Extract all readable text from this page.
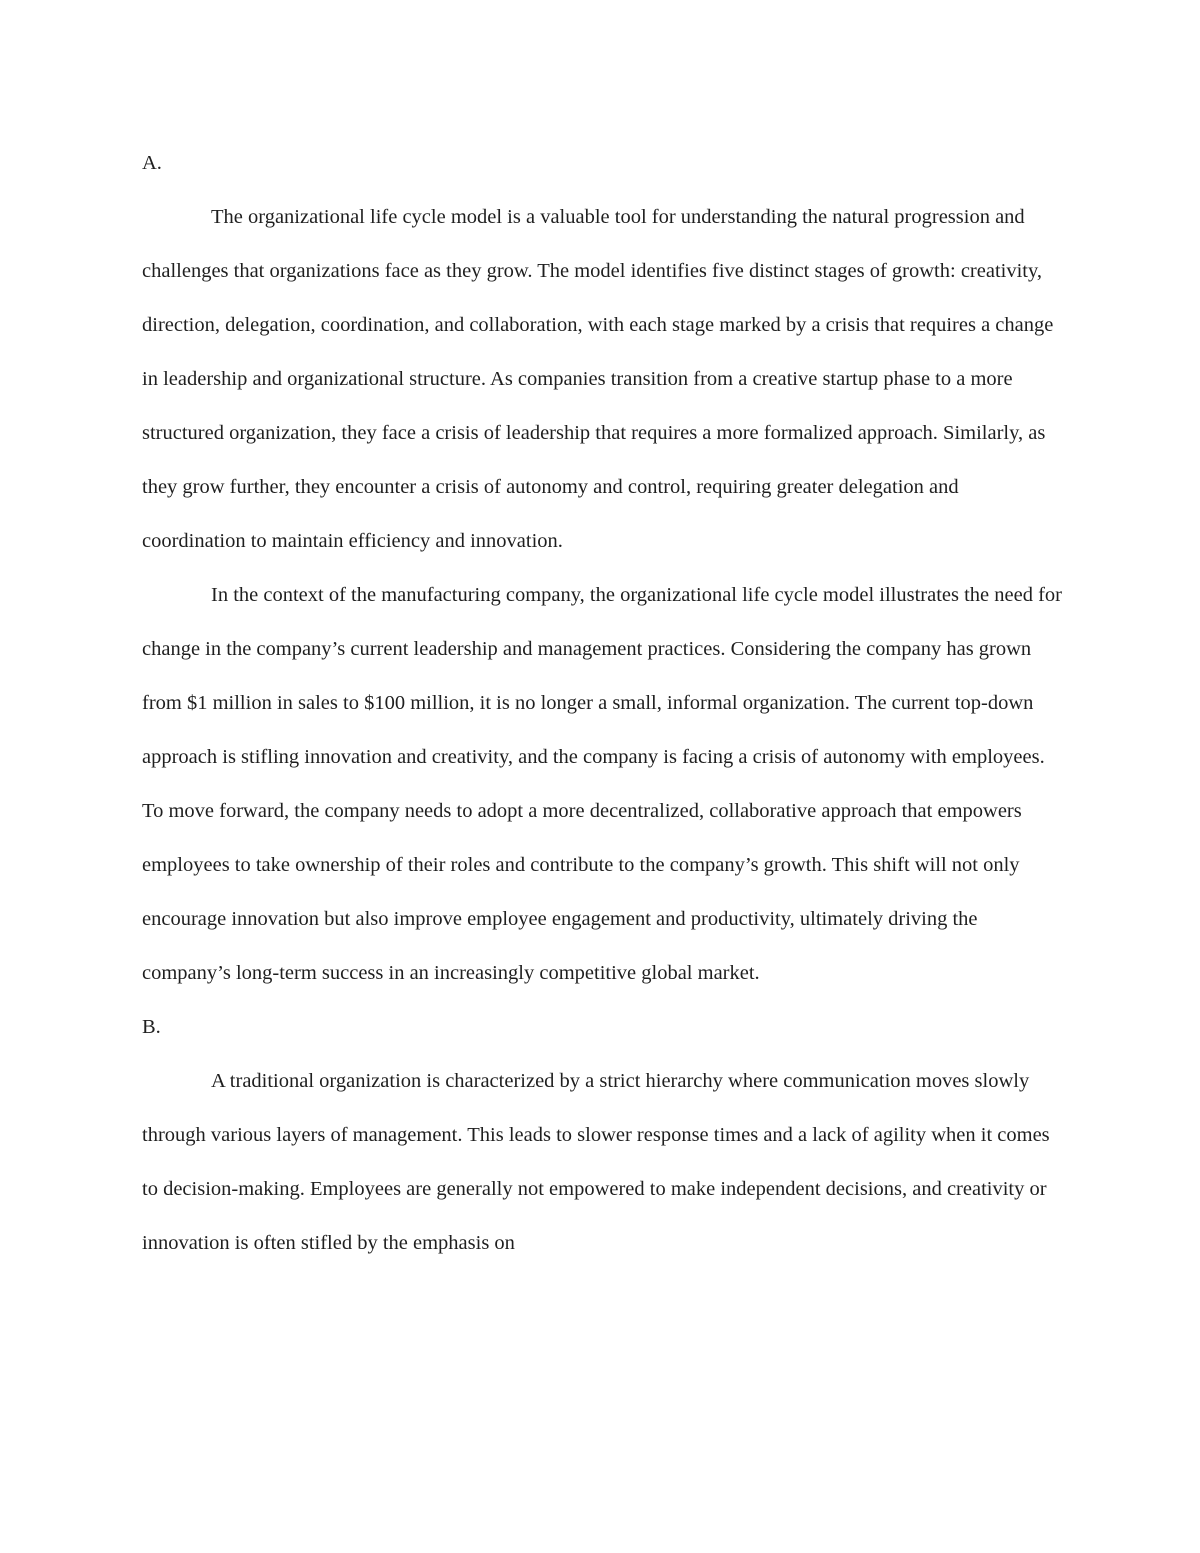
A.

The organizational life cycle model is a valuable tool for understanding the natural progression and challenges that organizations face as they grow. The model identifies five distinct stages of growth: creativity, direction, delegation, coordination, and collaboration, with each stage marked by a crisis that requires a change in leadership and organizational structure. As companies transition from a creative startup phase to a more structured organization, they face a crisis of leadership that requires a more formalized approach. Similarly, as they grow further, they encounter a crisis of autonomy and control, requiring greater delegation and coordination to maintain efficiency and innovation.

In the context of the manufacturing company, the organizational life cycle model illustrates the need for change in the company’s current leadership and management practices. Considering the company has grown from $1 million in sales to $100 million, it is no longer a small, informal organization. The current top-down approach is stifling innovation and creativity, and the company is facing a crisis of autonomy with employees. To move forward, the company needs to adopt a more decentralized, collaborative approach that empowers employees to take ownership of their roles and contribute to the company’s growth. This shift will not only encourage innovation but also improve employee engagement and productivity, ultimately driving the company’s long-term success in an increasingly competitive global market.

B.

A traditional organization is characterized by a strict hierarchy where communication moves slowly through various layers of management. This leads to slower response times and a lack of agility when it comes to decision-making. Employees are generally not empowered to make independent decisions, and creativity or innovation is often stifled by the emphasis on
